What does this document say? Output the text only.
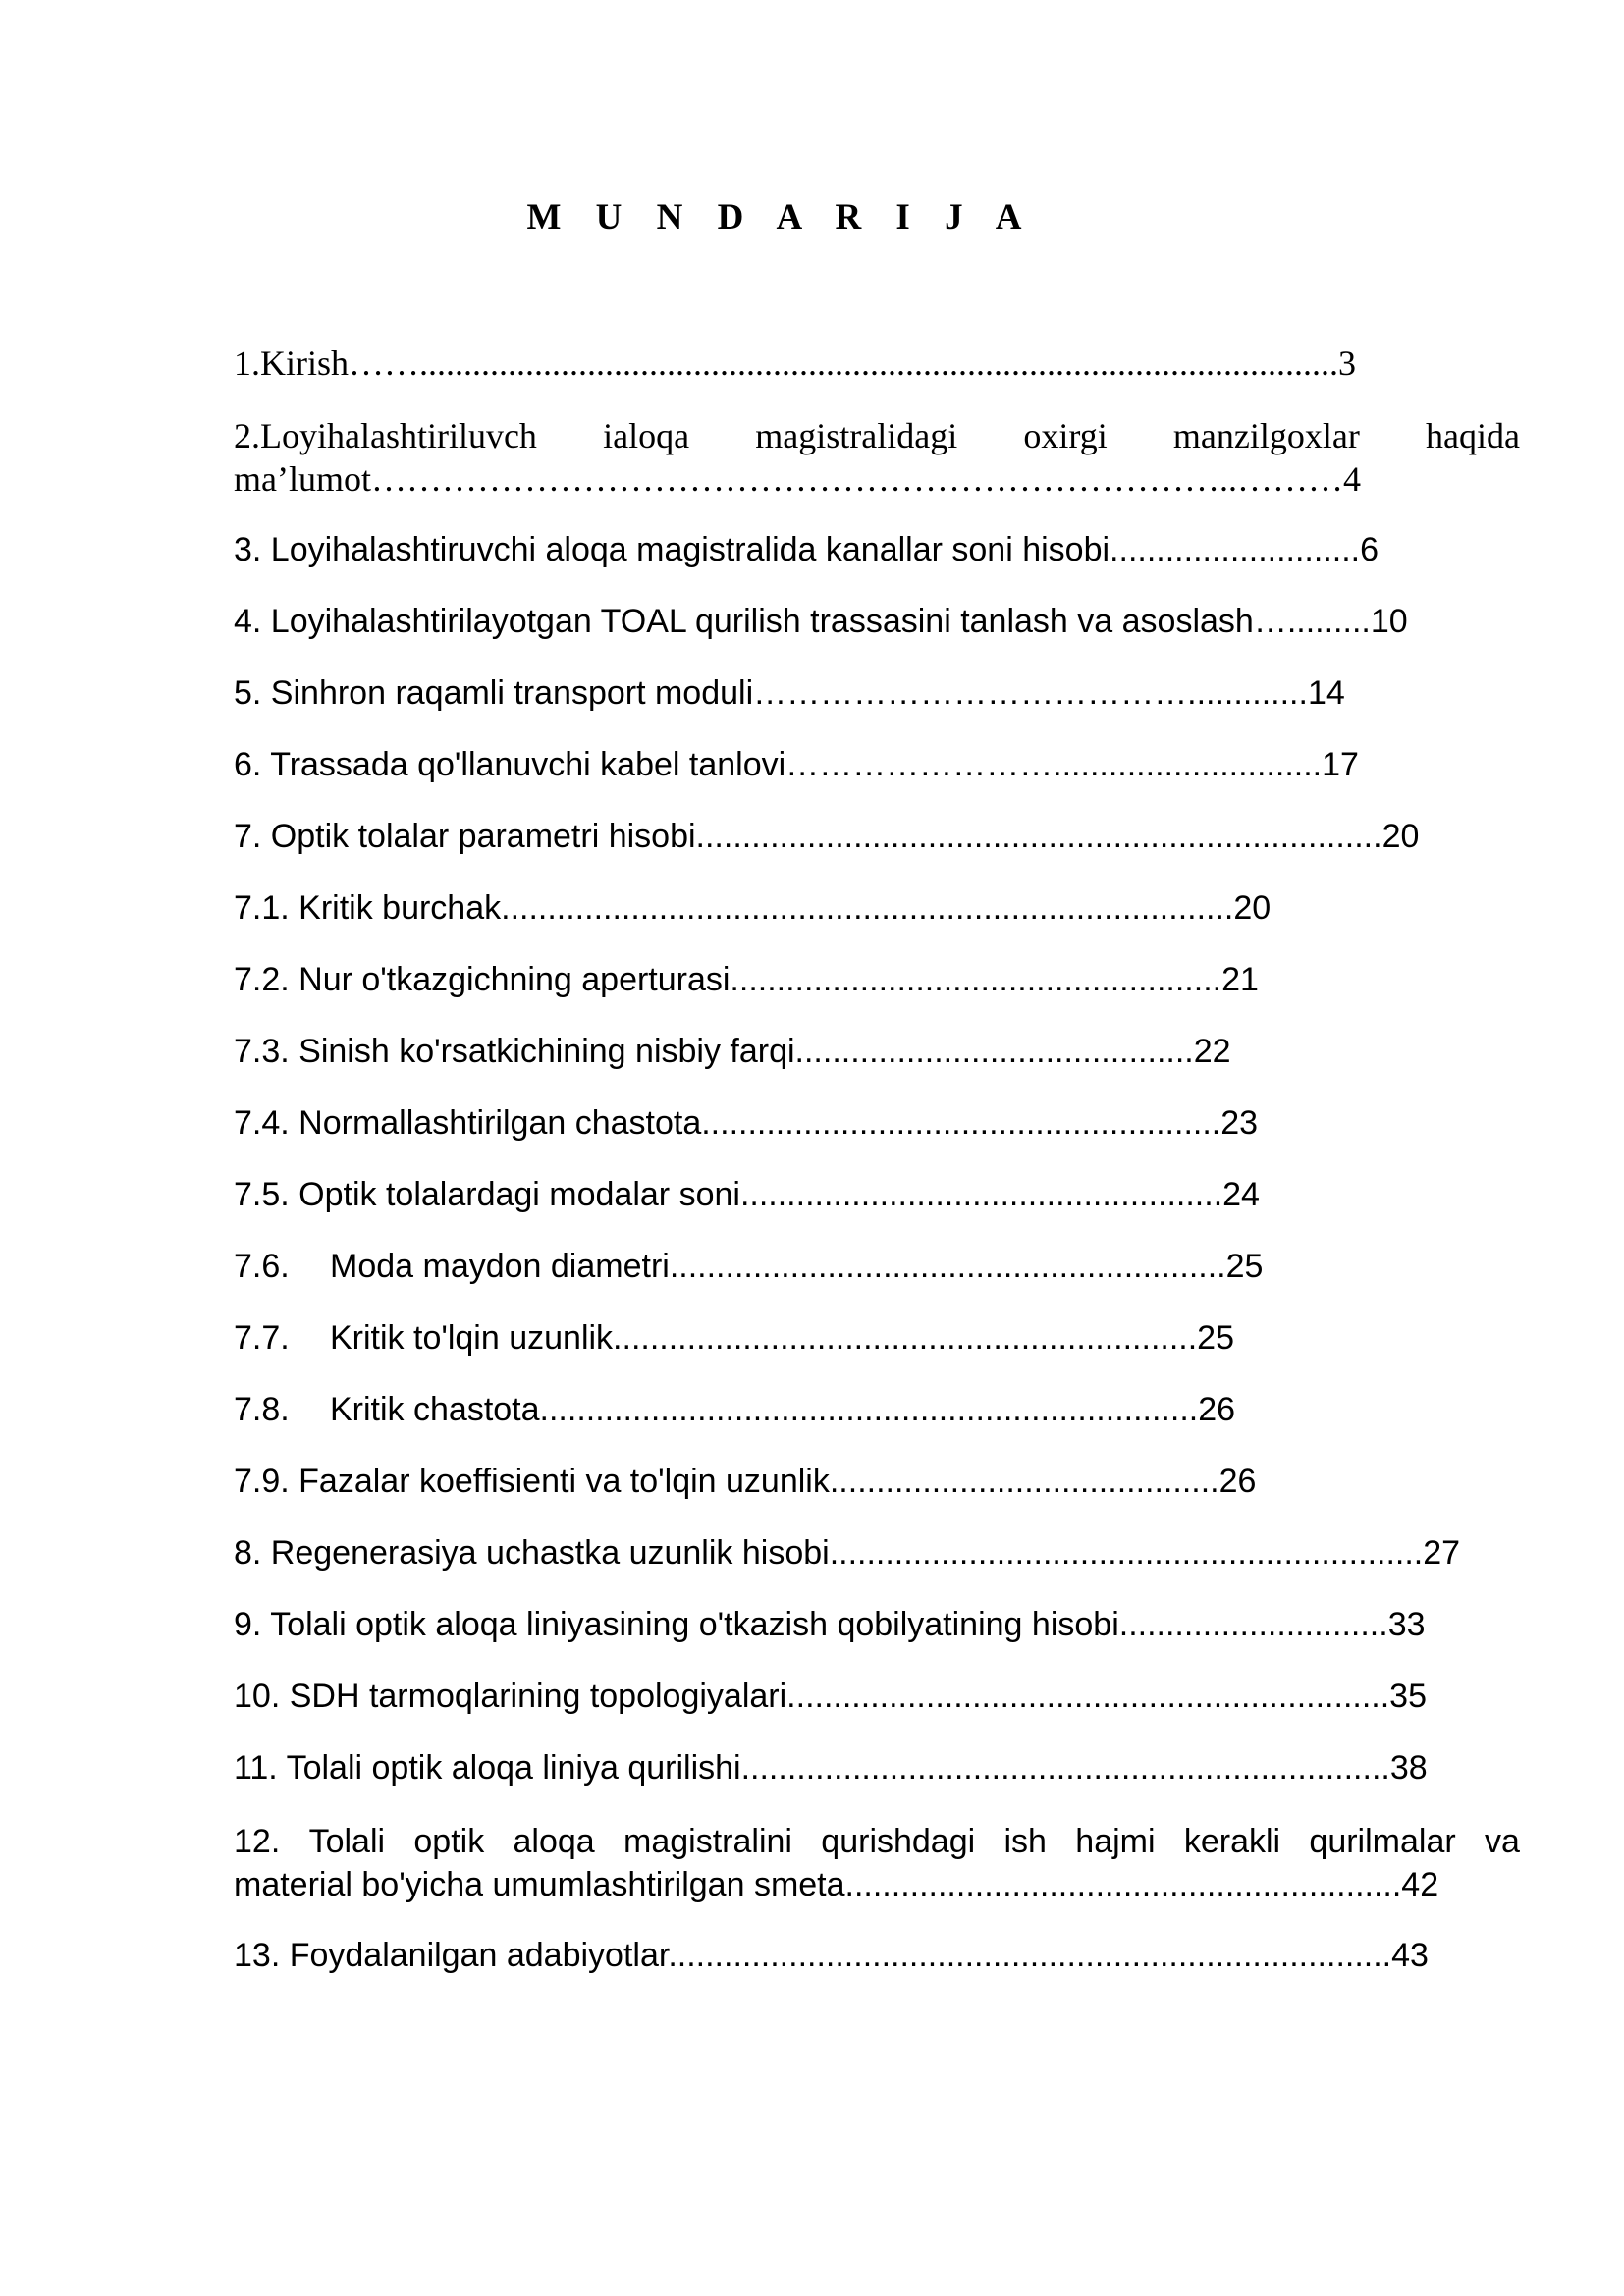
M U N D A R I J A
1.Kirish……........................................................................................................3
2.Loyihalashtiriluvch ialoqa magistralidagi oxirgi manzilgoxlar haqida
ma’lumot………………………………………………………………..………4
3. Loyihalashtiruvchi aloqa magistralida kanallar soni hisobi...........................6
4. Loyihalashtirilayotgan TOAL qurilish trassasini tanlash va asoslash….........10
5. Sinhron raqamli transport moduli………………………………….............14
6. Trassada qo'llanuvchi kabel tanlovi…………………….............................17
7. Optik tolalar parametri hisobi..........................................................................20
7.1. Kritik burchak...............................................................................20
7.2. Nur o'tkazgichning aperturasi.....................................................21
7.3. Sinish ko'rsatkichining nisbiy farqi...........................................22
7.4. Normallashtirilgan chastota........................................................23
7.5. Optik tolalardagi modalar soni....................................................24
7.6. Moda maydon diametri............................................................25
7.7. Kritik to'lqin uzunlik...............................................................25
7.8. Kritik chastota.......................................................................26
7.9. Fazalar koeffisienti va to'lqin uzunlik..........................................26
8. Regenerasiya uchastka uzunlik hisobi................................................................27
9. Tolali optik aloqa liniyasining o'tkazish qobilyatining hisobi.............................33
10. SDH tarmoqlarining topologiyalari.................................................................35
11. Tolali optik aloqa liniya qurilishi......................................................................38
12. Tolali optik aloqa magistralini qurishdagi ish hajmi kerakli qurilmalar va
material bo'yicha umumlashtirilgan smeta............................................................42
13. Foydalanilgan adabiyotlar..............................................................................43
